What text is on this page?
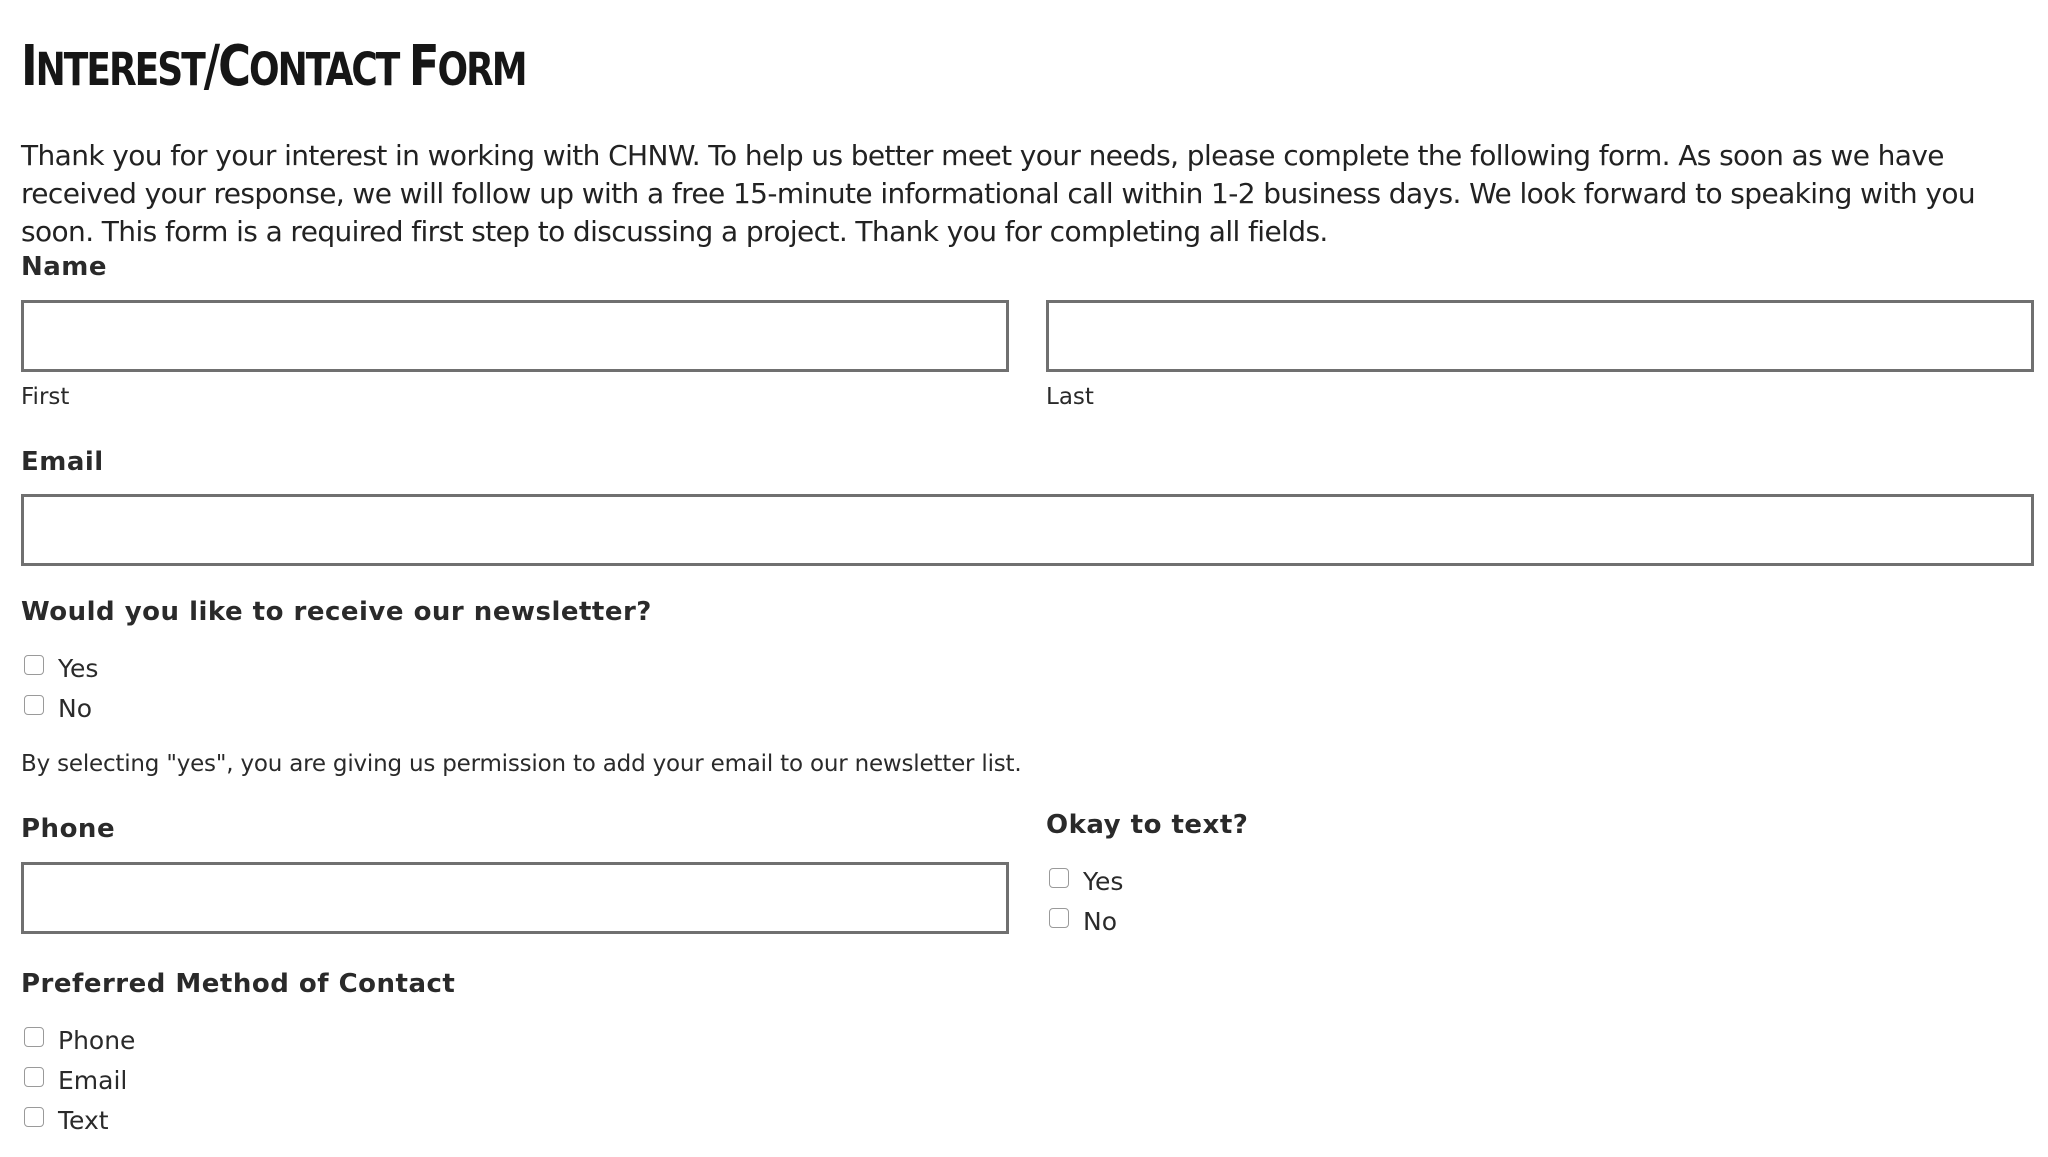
INTEREST/CONTACT FORM
Thank you for your interest in working with CHNW. To help us better meet your needs, please complete the following form. As soon as we have received your response, we will follow up with a free 15-minute informational call within 1-2 business days. We look forward to speaking with you soon. This form is a required first step to discussing a project. Thank you for completing all fields.
Name
First	Last
Email
Would you like to receive our newsletter?
Yes
No
By selecting "yes", you are giving us permission to add your email to our newsletter list.
Phone	Okay to text?
Yes
No
Preferred Method of Contact
Phone
Email
Text
